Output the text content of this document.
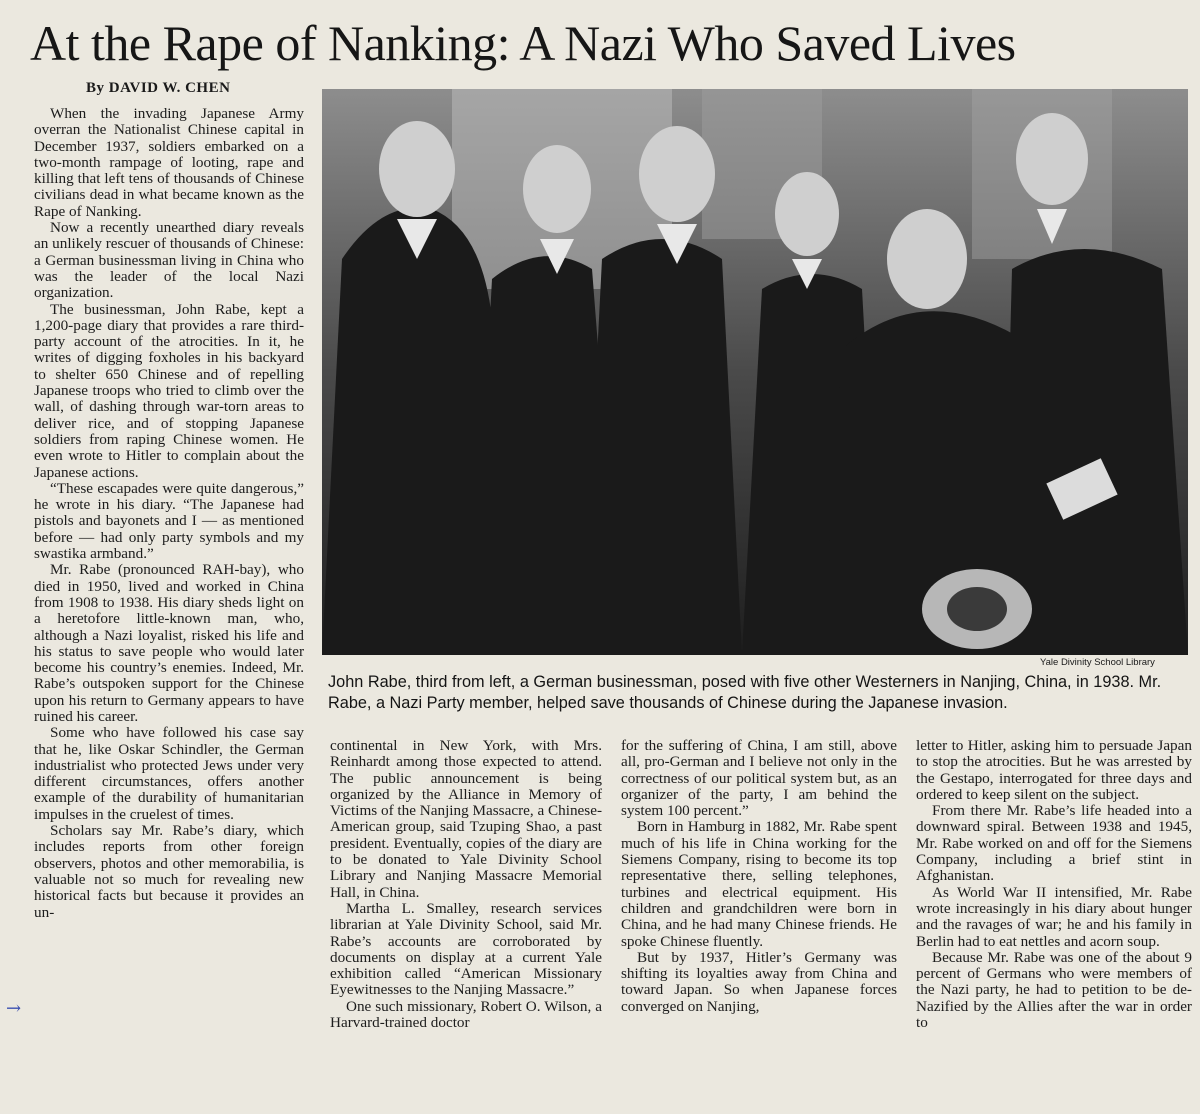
At the Rape of Nanking: A Nazi Who Saved Lives
By DAVID W. CHEN

When the invading Japanese Army overran the Nationalist Chinese capital in December 1937, soldiers embarked on a two-month rampage of looting, rape and killing that left tens of thousands of Chinese civilians dead in what became known as the Rape of Nanking.

Now a recently unearthed diary reveals an unlikely rescuer of thousands of Chinese: a German businessman living in China who was the leader of the local Nazi organization.

The businessman, John Rabe, kept a 1,200-page diary that provides a rare third-party account of the atrocities. In it, he writes of digging foxholes in his backyard to shelter 650 Chinese and of repelling Japanese troops who tried to climb over the wall, of dashing through war-torn areas to deliver rice, and of stopping Japanese soldiers from raping Chinese women. He even wrote to Hitler to complain about the Japanese actions.

“These escapades were quite dangerous,” he wrote in his diary. “The Japanese had pistols and bayonets and I — as mentioned before — had only party symbols and my swastika armband.”

Mr. Rabe (pronounced RAH-bay), who died in 1950, lived and worked in China from 1908 to 1938. His diary sheds light on a heretofore little-known man, who, although a Nazi loyalist, risked his life and his status to save people who would later become his country’s enemies. Indeed, Mr. Rabe’s outspoken support for the Chinese upon his return to Germany appears to have ruined his career.

Some who have followed his case say that he, like Oskar Schindler, the German industrialist who protected Jews under very different circumstances, offers another example of the durability of humanitarian impulses in the cruelest of times.

Scholars say Mr. Rabe’s diary, which includes reports from other foreign observers, photos and other memorabilia, is valuable not so much for revealing new historical facts but because it provides an un-

Yale Divinity School Library
John Rabe, third from left, a German businessman, posed with five other Westerners in Nanjing, China, in 1938. Mr. Rabe, a Nazi Party member, helped save thousands of Chinese during the Japanese invasion.

continental in New York, with Mrs. Reinhardt among those expected to attend. The public announcement is being organized by the Alliance in Memory of Victims of the Nanjing Massacre, a Chinese-American group, said Tzuping Shao, a past president. Eventually, copies of the diary are to be donated to Yale Divinity School Library and Nanjing Massacre Memorial Hall, in China.

Martha L. Smalley, research services librarian at Yale Divinity School, said Mr. Rabe’s accounts are corroborated by documents on display at a current Yale exhibition called “American Missionary Eyewitnesses to the Nanjing Massacre.”

One such missionary, Robert O. Wilson, a Harvard-trained doctor

for the suffering of China, I am still, above all, pro-German and I believe not only in the correctness of our political system but, as an organizer of the party, I am behind the system 100 percent.”

Born in Hamburg in 1882, Mr. Rabe spent much of his life in China working for the Siemens Company, rising to become its top representative there, selling telephones, turbines and electrical equipment. His children and grandchildren were born in China, and he had many Chinese friends. He spoke Chinese fluently.

But by 1937, Hitler’s Germany was shifting its loyalties away from China and toward Japan. So when Japanese forces converged on Nanjing,

letter to Hitler, asking him to persuade Japan to stop the atrocities. But he was arrested by the Gestapo, interrogated for three days and ordered to keep silent on the subject.

From there Mr. Rabe’s life headed into a downward spiral. Between 1938 and 1945, Mr. Rabe worked on and off for the Siemens Company, including a brief stint in Afghanistan.

As World War II intensified, Mr. Rabe wrote increasingly in his diary about hunger and the ravages of war; he and his family in Berlin had to eat nettles and acorn soup.

Because Mr. Rabe was one of the about 9 percent of Germans who were members of the Nazi party, he had to petition to be de-Nazified by the Allies after the war in order to

→
